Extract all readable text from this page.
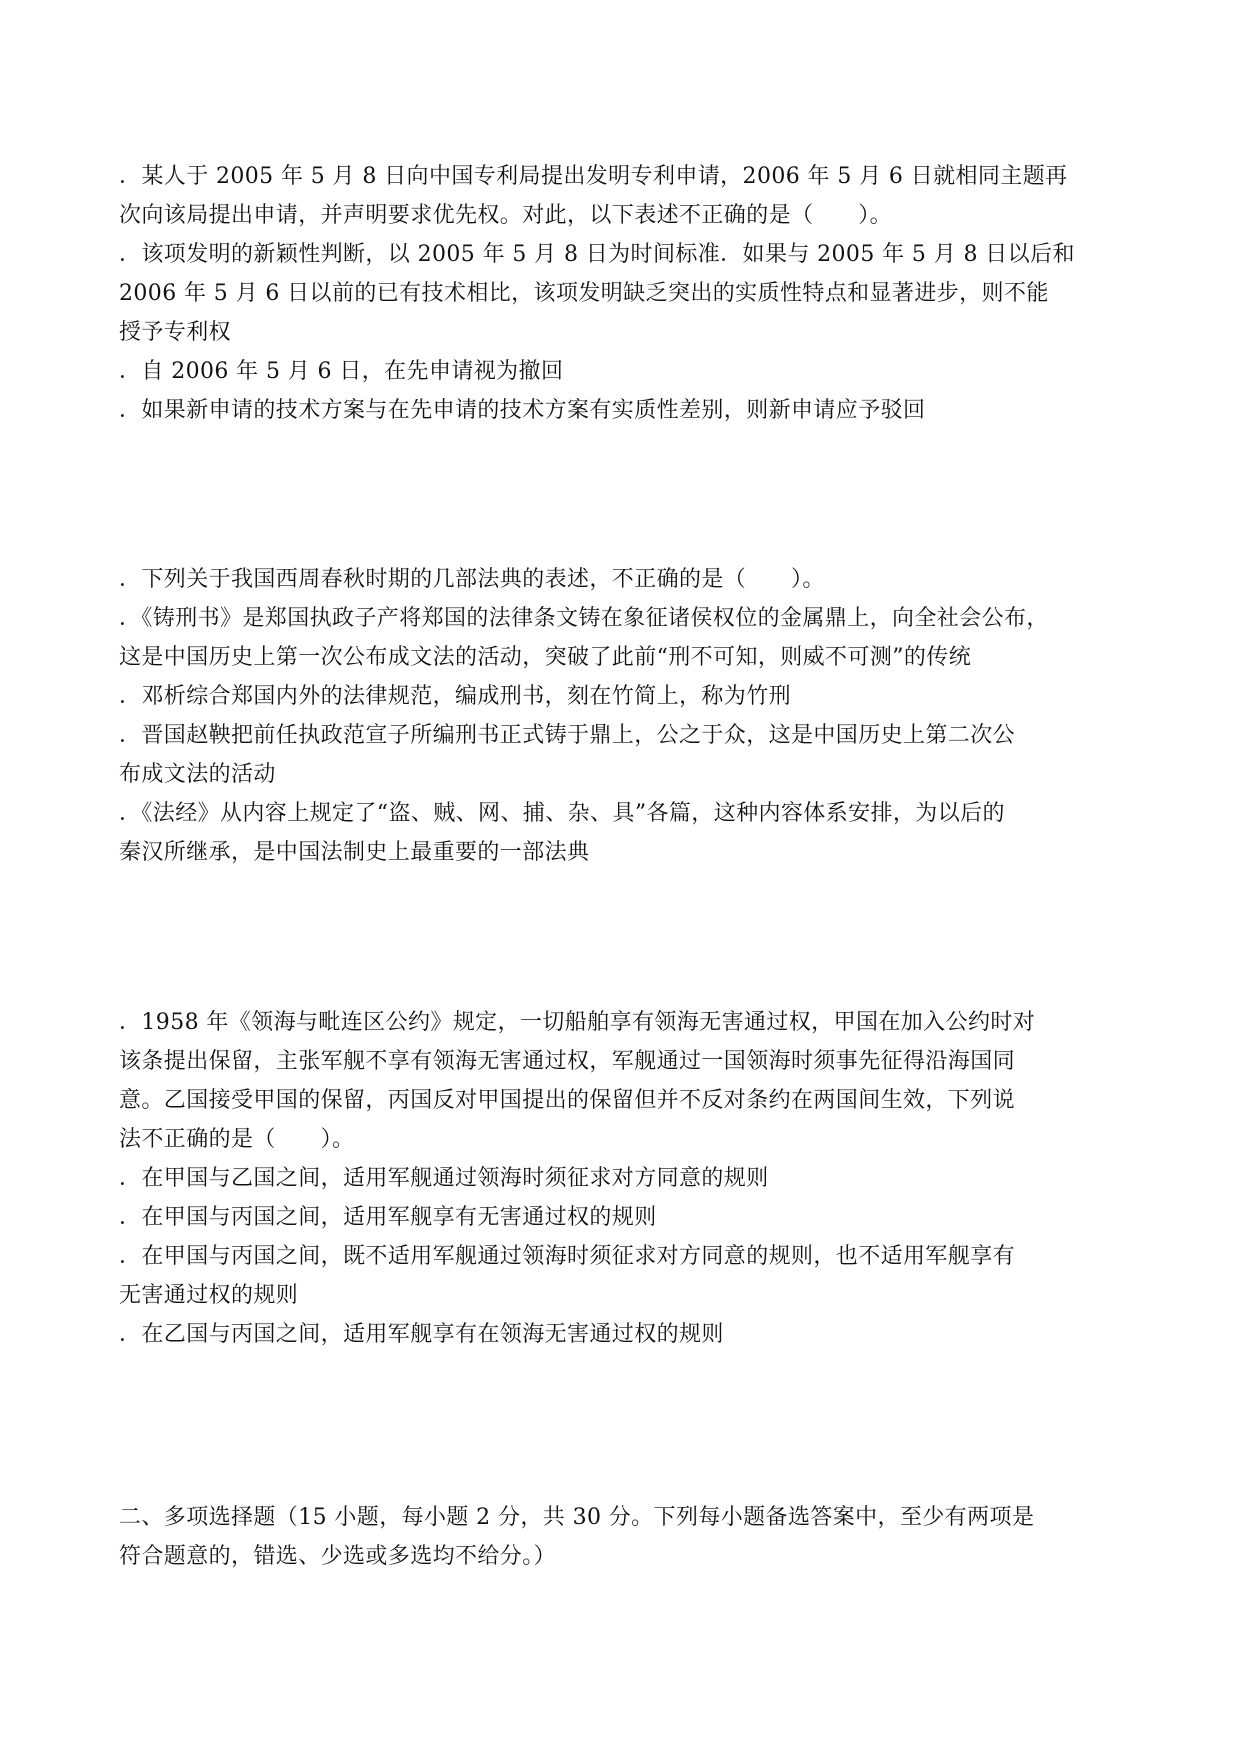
．某人于 2005 年 5 月 8 日向中国专利局提出发明专利申请，2006 年 5 月 6 日就相同主题再
次向该局提出申请，并声明要求优先权。对此，以下表述不正确的是（　　）。
．该项发明的新颖性判断，以 2005 年 5 月 8 日为时间标准．如果与 2005 年 5 月 8 日以后和
2006 年 5 月 6 日以前的已有技术相比，该项发明缺乏突出的实质性特点和显著进步，则不能
授予专利权
．自 2006 年 5 月 6 日，在先申请视为撤回
．如果新申请的技术方案与在先申请的技术方案有实质性差别，则新申请应予驳回
．下列关于我国西周春秋时期的几部法典的表述，不正确的是（　　）。
．《铸刑书》是郑国执政子产将郑国的法律条文铸在象征诸侯权位的金属鼎上，向全社会公布，
这是中国历史上第一次公布成文法的活动，突破了此前“刑不可知，则威不可测”的传统
．邓析综合郑国内外的法律规范，编成刑书，刻在竹简上，称为竹刑
．晋国赵鞅把前任执政范宣子所编刑书正式铸于鼎上，公之于众，这是中国历史上第二次公
布成文法的活动
．《法经》从内容上规定了“盗、贼、网、捕、杂、具”各篇，这种内容体系安排，为以后的
秦汉所继承，是中国法制史上最重要的一部法典
．1958 年《领海与毗连区公约》规定，一切船舶享有领海无害通过权，甲国在加入公约时对
该条提出保留，主张军舰不享有领海无害通过权，军舰通过一国领海时须事先征得沿海国同
意。乙国接受甲国的保留，丙国反对甲国提出的保留但并不反对条约在两国间生效，下列说
法不正确的是（　　）。
．在甲国与乙国之间，适用军舰通过领海时须征求对方同意的规则
．在甲国与丙国之间，适用军舰享有无害通过权的规则
．在甲国与丙国之间，既不适用军舰通过领海时须征求对方同意的规则，也不适用军舰享有
无害通过权的规则
．在乙国与丙国之间，适用军舰享有在领海无害通过权的规则
二、多项选择题（15 小题，每小题 2 分，共 30 分。下列每小题备选答案中，至少有两项是
符合题意的，错选、少选或多选均不给分。）
